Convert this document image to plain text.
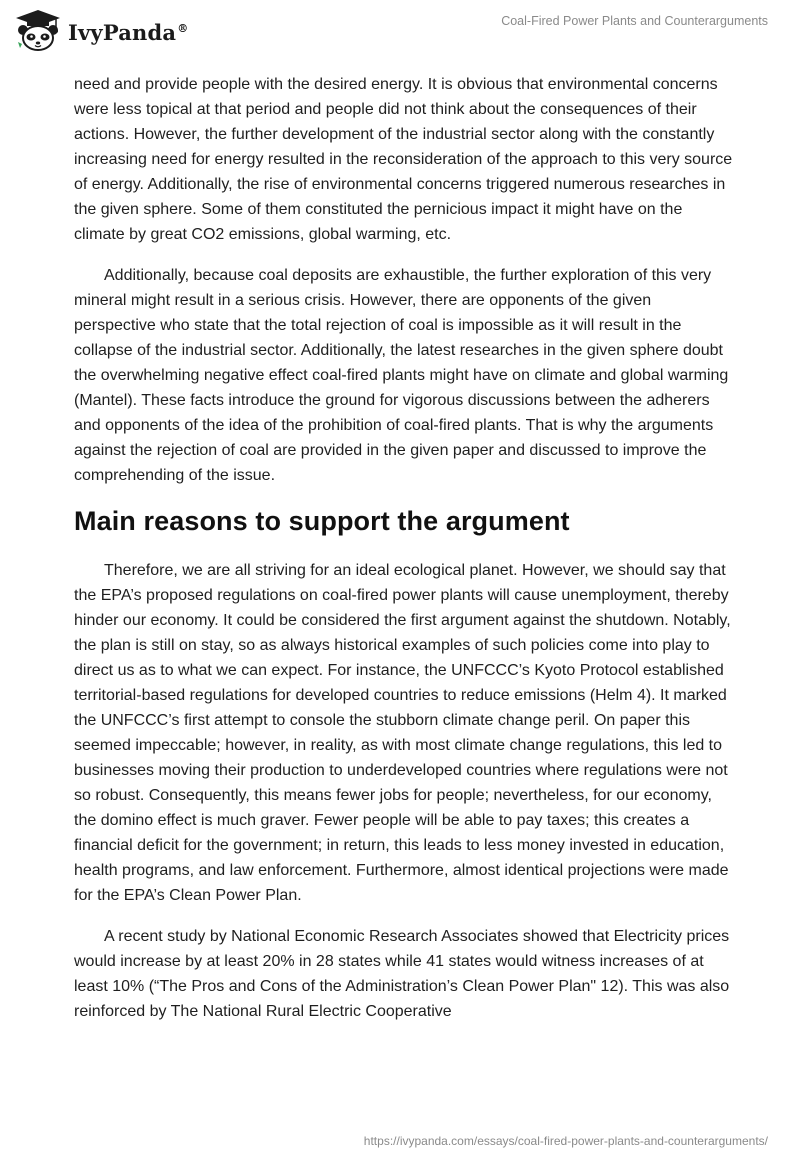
IvyPanda®	Coal-Fired Power Plants and Counterarguments

need and provide people with the desired energy. It is obvious that environmental concerns were less topical at that period and people did not think about the consequences of their actions. However, the further development of the industrial sector along with the constantly increasing need for energy resulted in the reconsideration of the approach to this very source of energy. Additionally, the rise of environmental concerns triggered numerous researches in the given sphere. Some of them constituted the pernicious impact it might have on the climate by great CO2 emissions, global warming, etc.

Additionally, because coal deposits are exhaustible, the further exploration of this very mineral might result in a serious crisis. However, there are opponents of the given perspective who state that the total rejection of coal is impossible as it will result in the collapse of the industrial sector. Additionally, the latest researches in the given sphere doubt the overwhelming negative effect coal-fired plants might have on climate and global warming (Mantel). These facts introduce the ground for vigorous discussions between the adherers and opponents of the idea of the prohibition of coal-fired plants. That is why the arguments against the rejection of coal are provided in the given paper and discussed to improve the comprehending of the issue.

Main reasons to support the argument

Therefore, we are all striving for an ideal ecological planet. However, we should say that the EPA’s proposed regulations on coal-fired power plants will cause unemployment, thereby hinder our economy. It could be considered the first argument against the shutdown. Notably, the plan is still on stay, so as always historical examples of such policies come into play to direct us as to what we can expect. For instance, the UNFCCC’s Kyoto Protocol established territorial-based regulations for developed countries to reduce emissions (Helm 4). It marked the UNFCCC’s first attempt to console the stubborn climate change peril. On paper this seemed impeccable; however, in reality, as with most climate change regulations, this led to businesses moving their production to underdeveloped countries where regulations were not so robust. Consequently, this means fewer jobs for people; nevertheless, for our economy, the domino effect is much graver. Fewer people will be able to pay taxes; this creates a financial deficit for the government; in return, this leads to less money invested in education, health programs, and law enforcement. Furthermore, almost identical projections were made for the EPA’s Clean Power Plan.

A recent study by National Economic Research Associates showed that Electricity prices would increase by at least 20% in 28 states while 41 states would witness increases of at least 10% (“The Pros and Cons of the Administration’s Clean Power Plan" 12). This was also reinforced by The National Rural Electric Cooperative

https://ivypanda.com/essays/coal-fired-power-plants-and-counterarguments/
